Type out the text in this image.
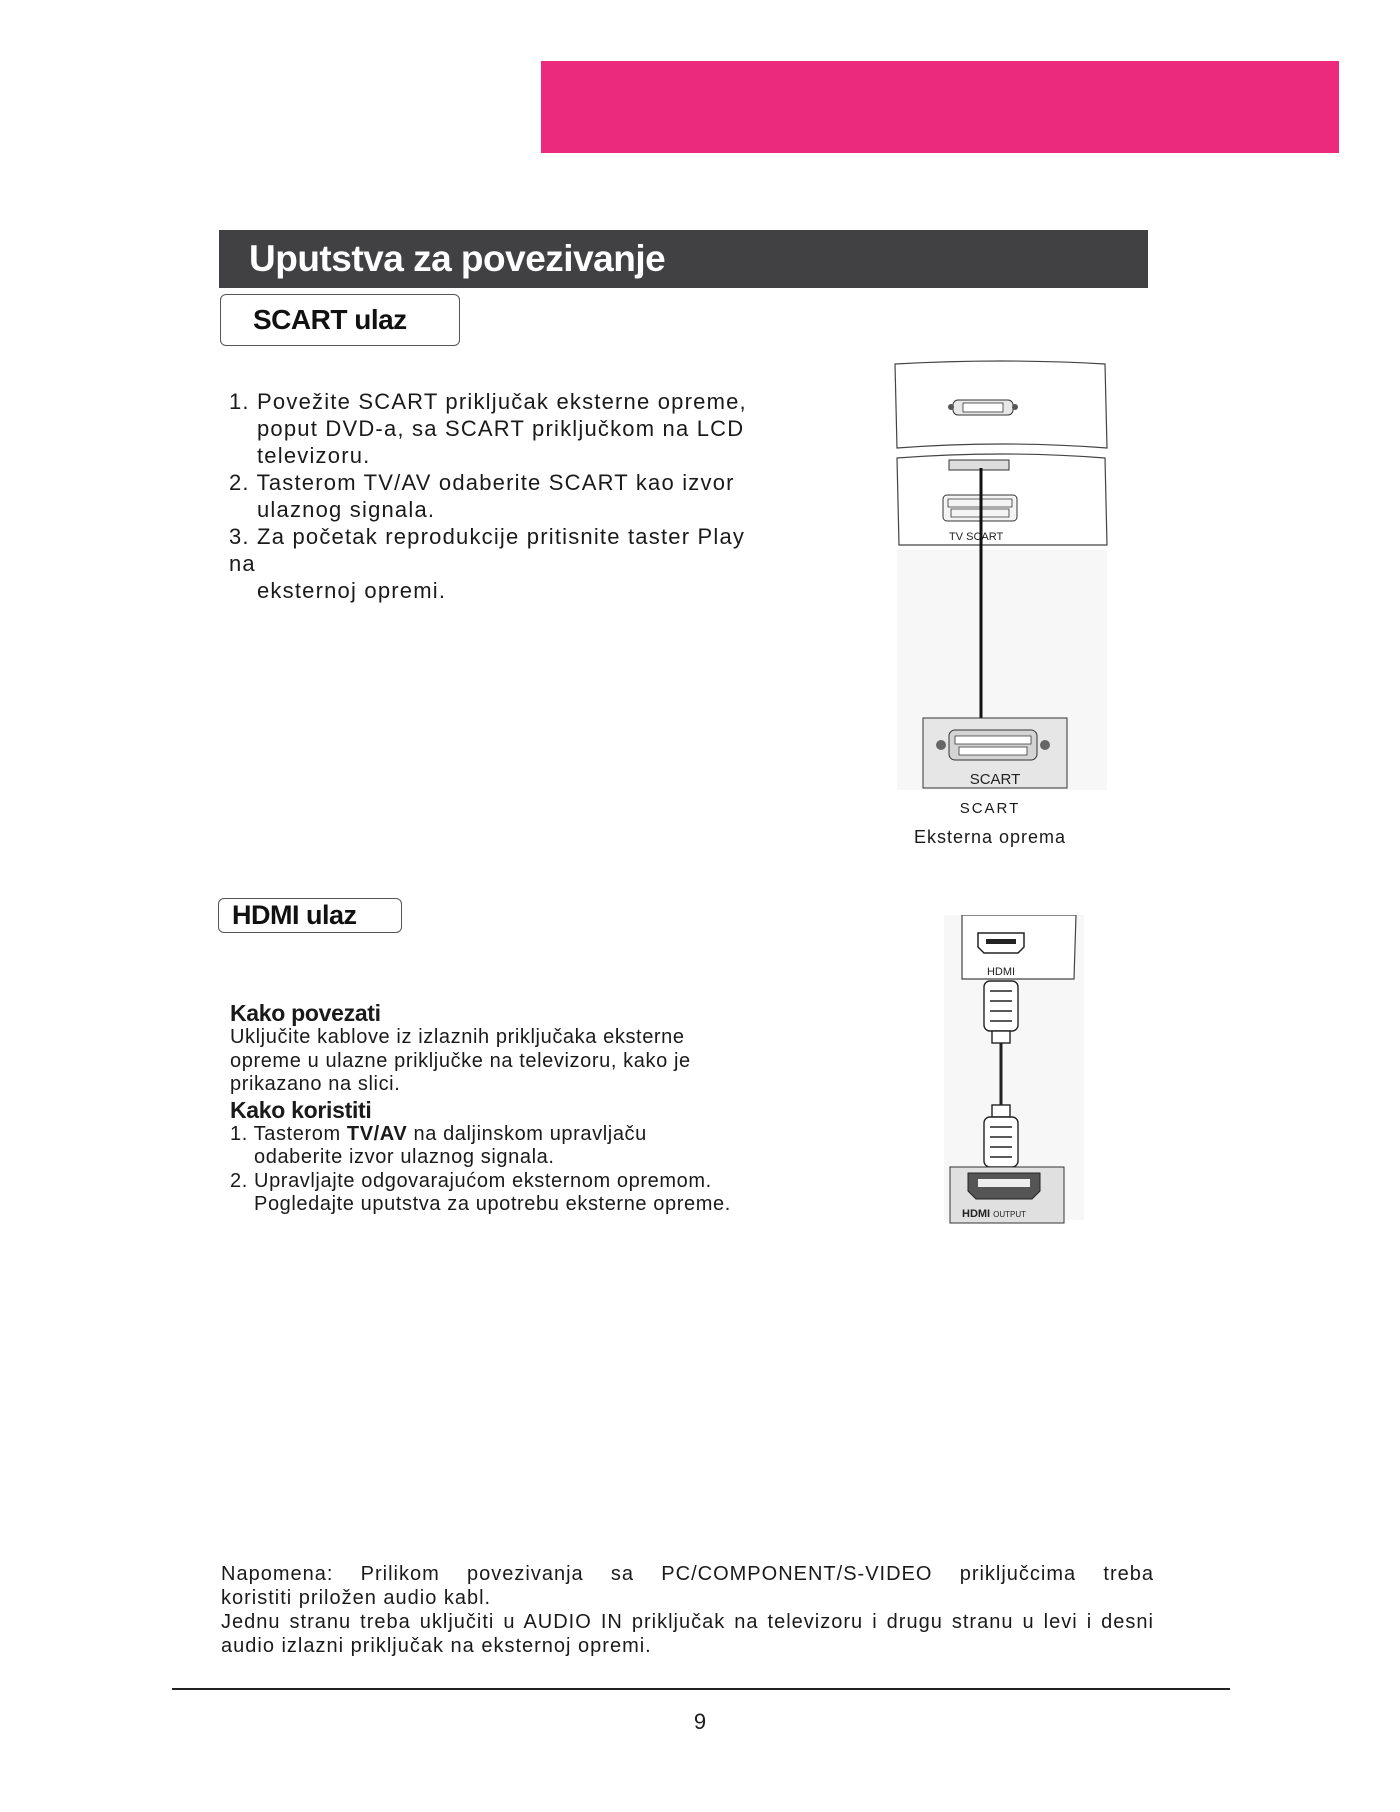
Uputstva za povezivanje
SCART ulaz
1. Povežite SCART priključak eksterne opreme,
poput DVD-a, sa SCART priključkom na LCD
televizoru.
2. Tasterom TV/AV odaberite SCART kao izvor
ulaznog signala.
3. Za početak reprodukcije pritisnite taster Play
na
eksternoj opremi.
TV SCART
SCART
SCART
Eksterna oprema
HDMI ulaz
Kako povezati
Uključite kablove iz izlaznih priključaka eksterne
opreme u ulazne priključke na televizoru, kako je
prikazano na slici.
Kako koristiti
1. Tasterom TV/AV na daljinskom upravljaču
odaberite izvor ulaznog signala.
2. Upravljajte odgovarajućom eksternom opremom.
Pogledajte uputstva za upotrebu eksterne opreme.
HDMI
HDMI OUTPUT
Napomena: Prilikom povezivanja sa PC/COMPONENT/S-VIDEO priključcima treba
koristiti priložen audio kabl.
Jednu stranu treba uključiti u AUDIO IN priključak na televizoru i drugu stranu u levi i desni
audio izlazni priključak na eksternoj opremi.
9
